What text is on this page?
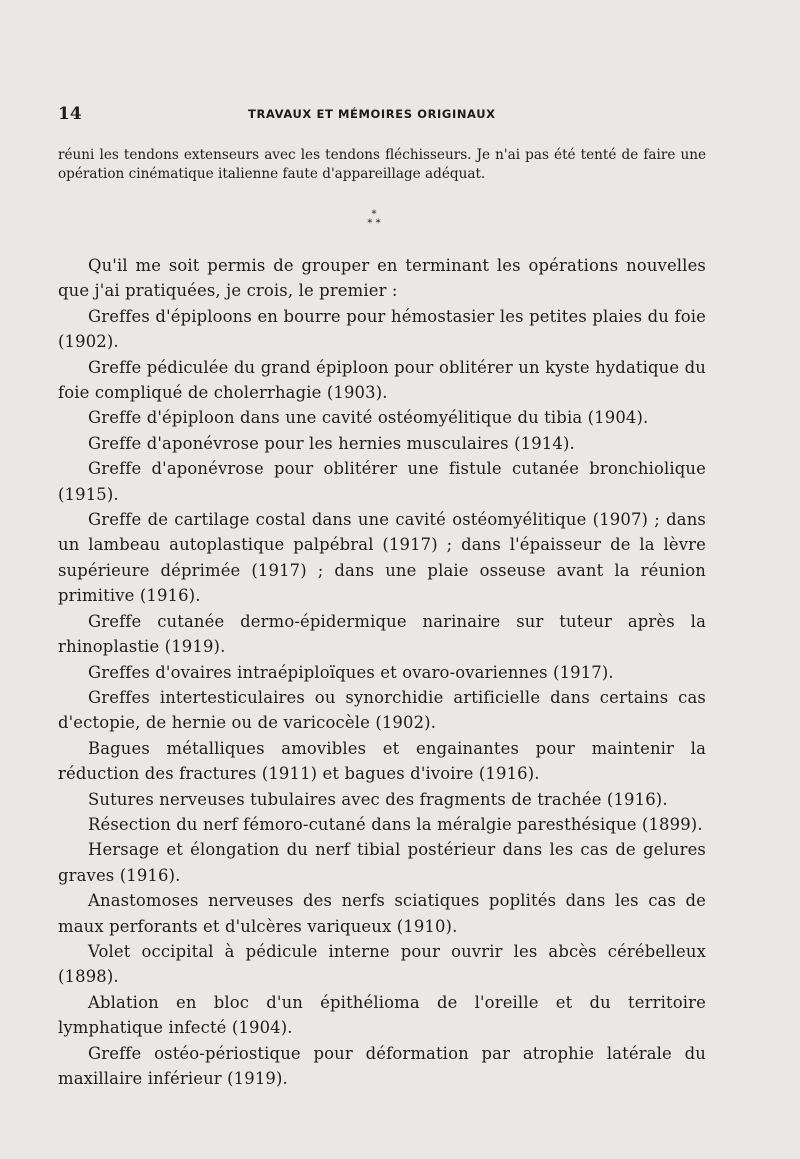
14	TRAVAUX ET MÉMOIRES ORIGINAUX
réuni les tendons extenseurs avec les tendons fléchisseurs. Je n'ai pas été tenté de faire une opération cinématique italienne faute d'appareillage adéquat.
*
* *

Qu'il me soit permis de grouper en terminant les opérations nouvelles que j'ai pratiquées, je crois, le premier :

Greffes d'épiploons en bourre pour hémostasier les petites plaies du foie (1902).

Greffe pédiculée du grand épiploon pour oblitérer un kyste hydatique du foie compliqué de cholerrhagie (1903).

Greffe d'épiploon dans une cavité ostéomyélitique du tibia (1904).

Greffe d'aponévrose pour les hernies musculaires (1914).

Greffe d'aponévrose pour oblitérer une fistule cutanée bronchiolique (1915).

Greffe de cartilage costal dans une cavité ostéomyélitique (1907) ; dans un lambeau autoplastique palpébral (1917) ; dans l'épaisseur de la lèvre supérieure déprimée (1917) ; dans une plaie osseuse avant la réunion primitive (1916).

Greffe cutanée dermo-épidermique narinaire sur tuteur après la rhinoplastie (1919).

Greffes d'ovaires intraépiploïques et ovaro-ovariennes (1917).

Greffes intertesticulaires ou synorchidie artificielle dans certains cas d'ectopie, de hernie ou de varicocèle (1902).

Bagues métalliques amovibles et engainantes pour maintenir la réduction des fractures (1911) et bagues d'ivoire (1916).

Sutures nerveuses tubulaires avec des fragments de trachée (1916).

Résection du nerf fémoro-cutané dans la méralgie paresthésique (1899).

Hersage et élongation du nerf tibial postérieur dans les cas de gelures graves (1916).

Anastomoses nerveuses des nerfs sciatiques poplités dans les cas de maux perforants et d'ulcères variqueux (1910).

Volet occipital à pédicule interne pour ouvrir les abcès cérébelleux (1898).

Ablation en bloc d'un épithélioma de l'oreille et du territoire lymphatique infecté (1904).

Greffe ostéo-périostique pour déformation par atrophie latérale du maxillaire inférieur (1919).
